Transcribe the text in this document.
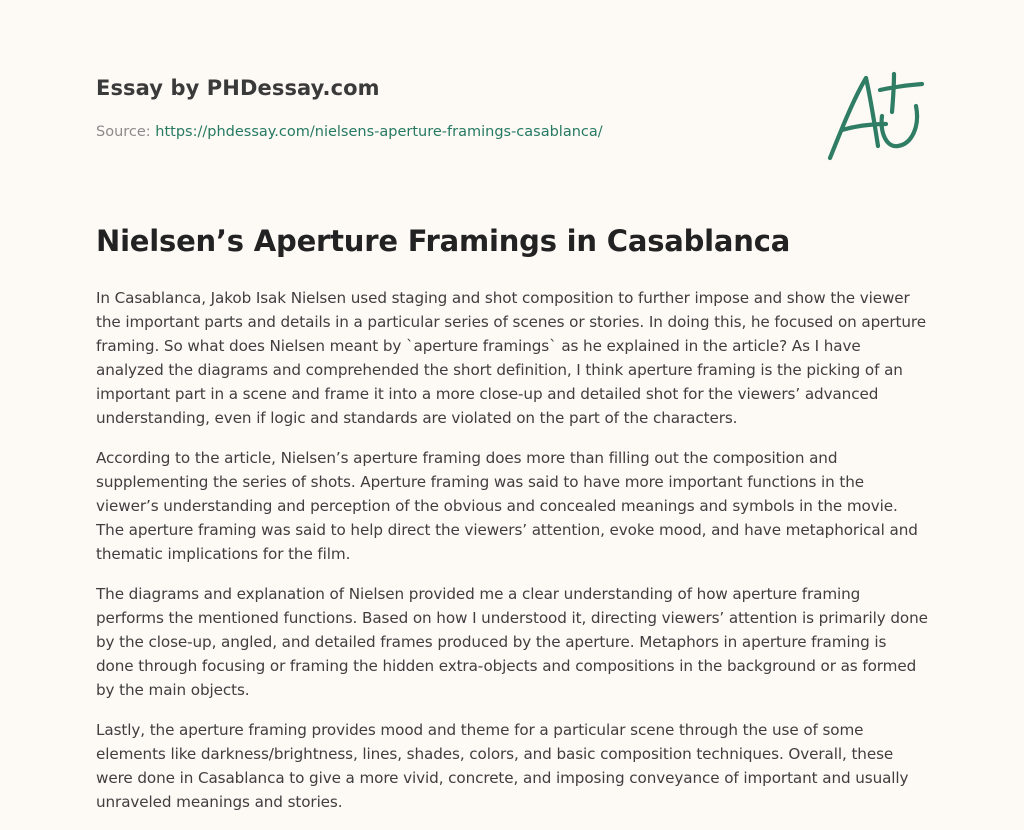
Essay by PHDessay.com
Source: https://phdessay.com/nielsens-aperture-framings-casablanca/
Nielsen’s Aperture Framings in Casablanca

In Casablanca, Jakob Isak Nielsen used staging and shot composition to further impose and show the viewer the important parts and details in a particular series of scenes or stories. In doing this, he focused on aperture framing. So what does Nielsen meant by `aperture framings` as he explained in the article? As I have analyzed the diagrams and comprehended the short definition, I think aperture framing is the picking of an important part in a scene and frame it into a more close-up and detailed shot for the viewers’ advanced understanding, even if logic and standards are violated on the part of the characters.

According to the article, Nielsen’s aperture framing does more than filling out the composition and supplementing the series of shots. Aperture framing was said to have more important functions in the viewer’s understanding and perception of the obvious and concealed meanings and symbols in the movie. The aperture framing was said to help direct the viewers’ attention, evoke mood, and have metaphorical and thematic implications for the film.

The diagrams and explanation of Nielsen provided me a clear understanding of how aperture framing performs the mentioned functions. Based on how I understood it, directing viewers’ attention is primarily done by the close-up, angled, and detailed frames produced by the aperture. Metaphors in aperture framing is done through focusing or framing the hidden extra-objects and compositions in the background or as formed by the main objects.

Lastly, the aperture framing provides mood and theme for a particular scene through the use of some elements like darkness/brightness, lines, shades, colors, and basic composition techniques. Overall, these were done in Casablanca to give a more vivid, concrete, and imposing conveyance of important and usually unraveled meanings and stories.
